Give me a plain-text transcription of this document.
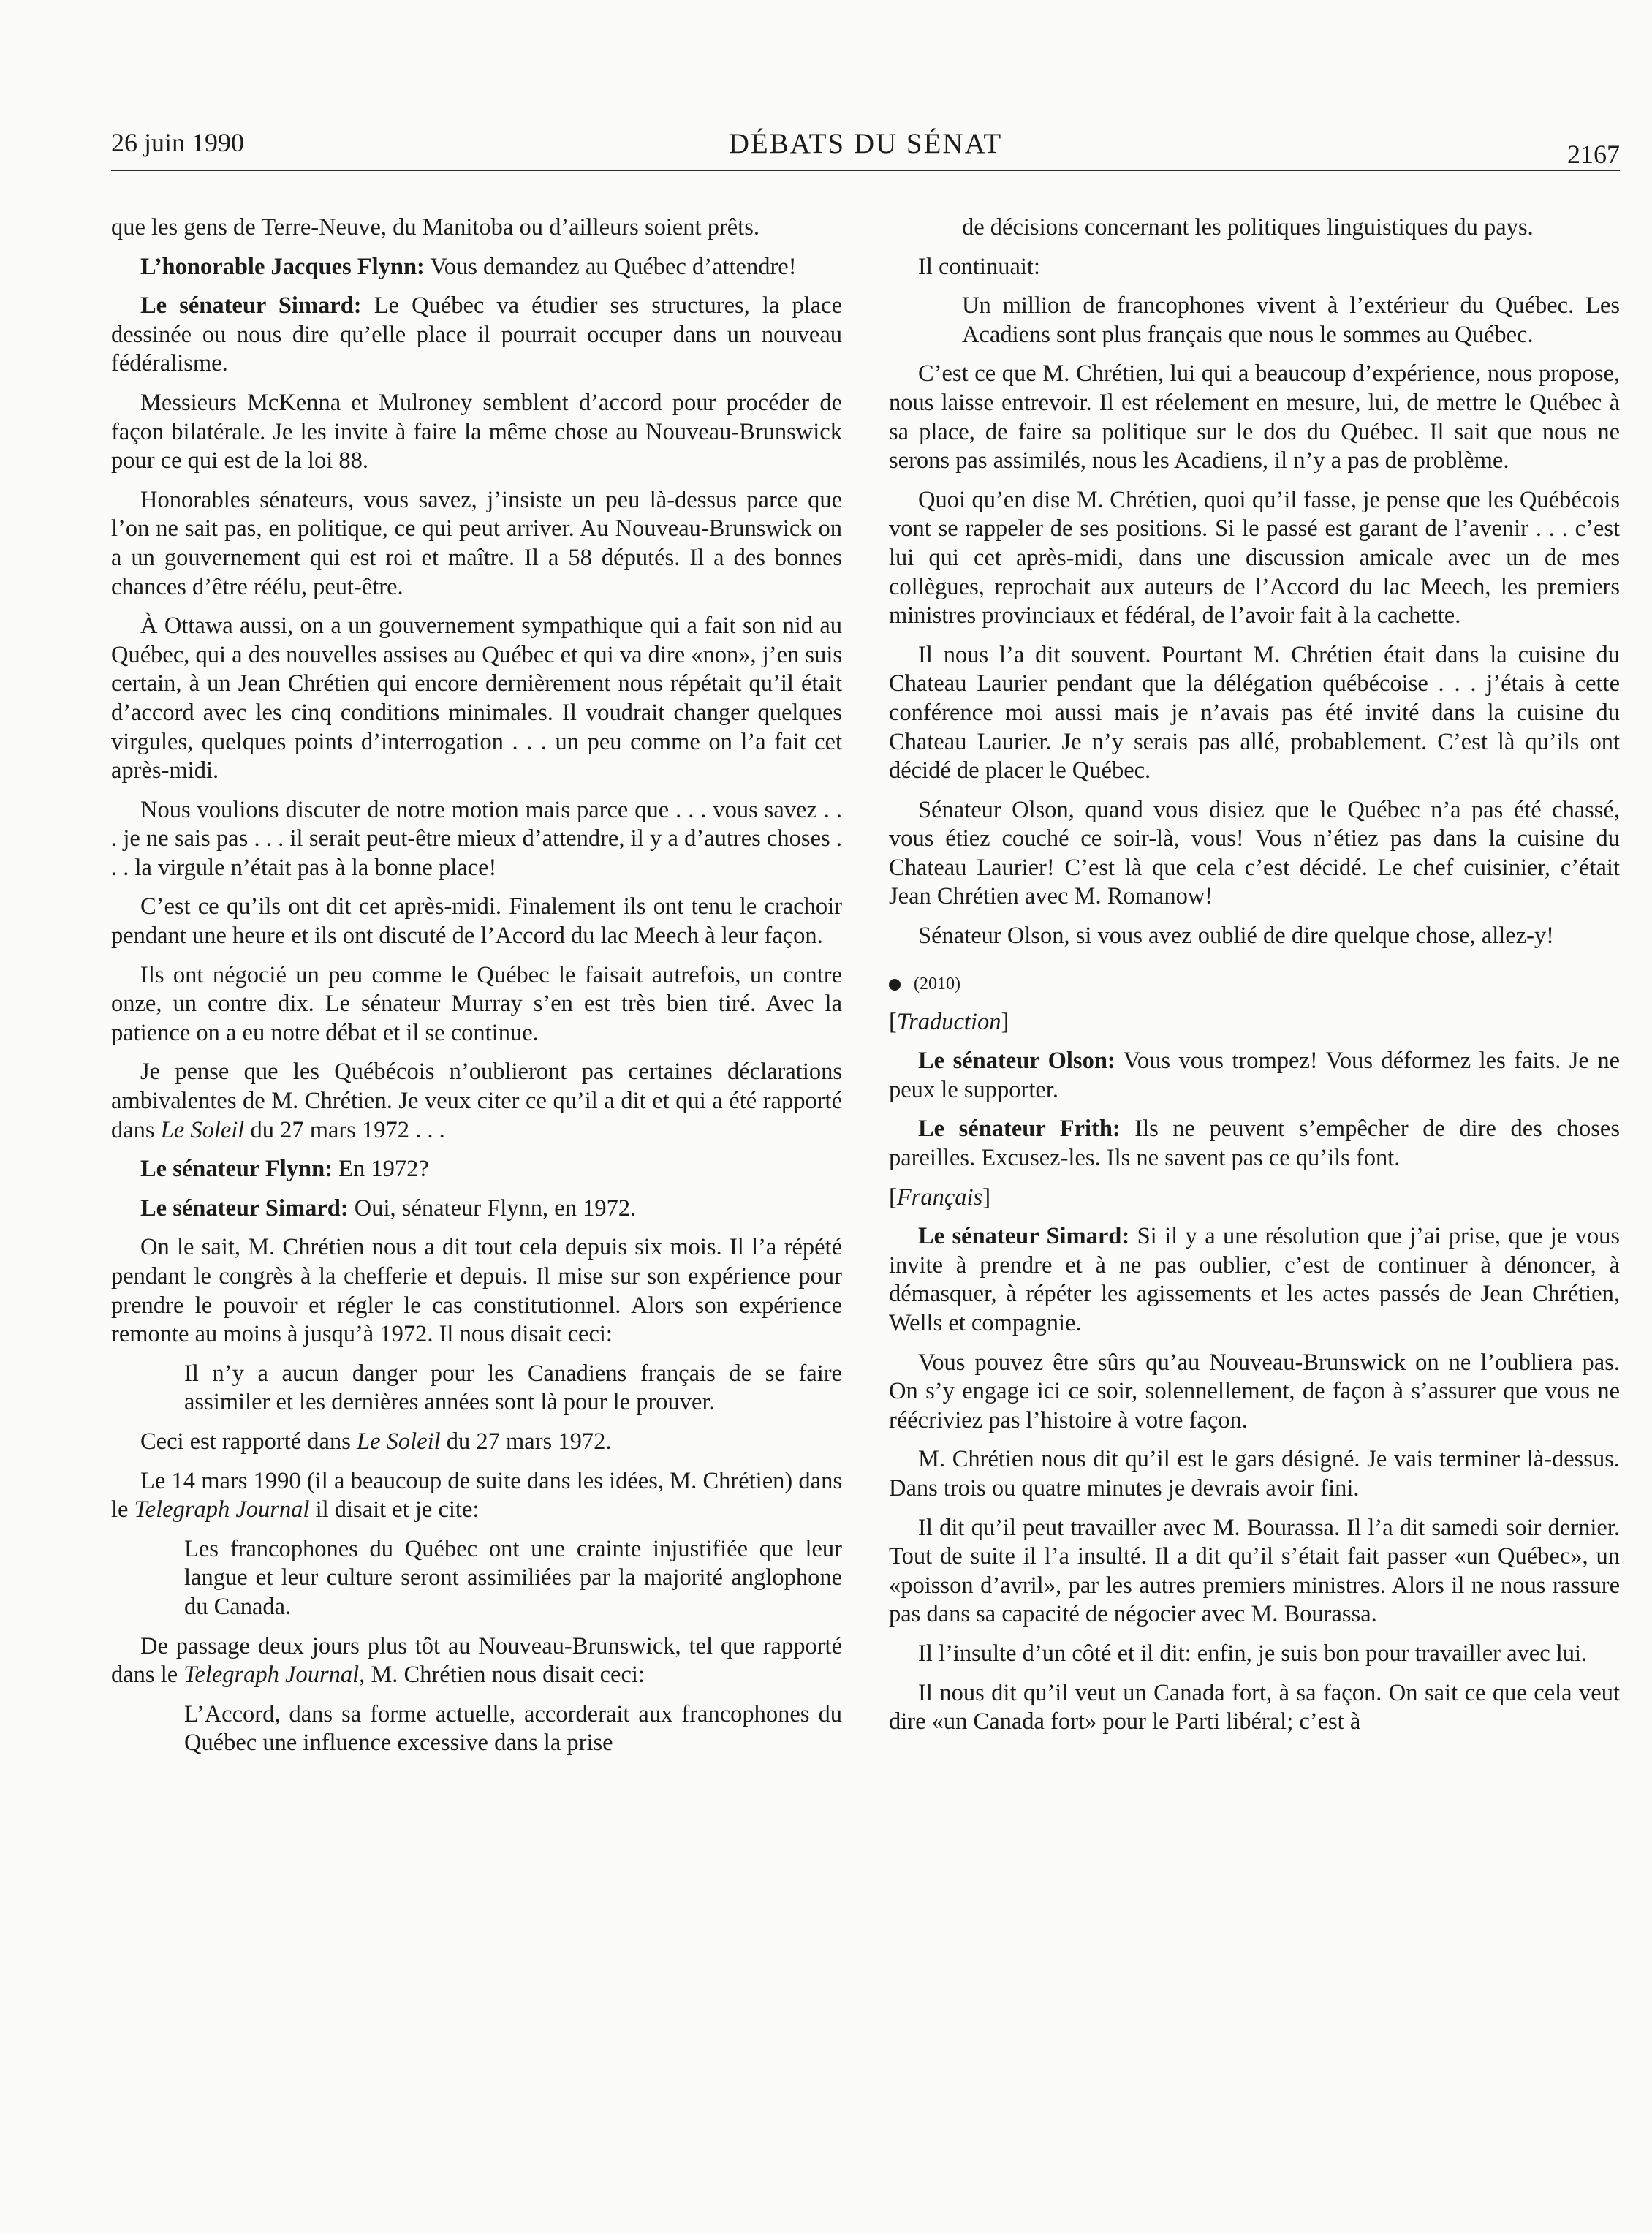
26 juin 1990	DÉBATS DU SÉNAT	2167

que les gens de Terre-Neuve, du Manitoba ou d’ailleurs soient prêts.

L’honorable Jacques Flynn: Vous demandez au Québec d’attendre!

Le sénateur Simard: Le Québec va étudier ses structures, la place dessinée ou nous dire qu’elle place il pourrait occuper dans un nouveau fédéralisme.

Messieurs McKenna et Mulroney semblent d’accord pour procéder de façon bilatérale. Je les invite à faire la même chose au Nouveau-Brunswick pour ce qui est de la loi 88.

Honorables sénateurs, vous savez, j’insiste un peu là-dessus parce que l’on ne sait pas, en politique, ce qui peut arriver. Au Nouveau-Brunswick on a un gouvernement qui est roi et maître. Il a 58 députés. Il a des bonnes chances d’être réélu, peut-être.

À Ottawa aussi, on a un gouvernement sympathique qui a fait son nid au Québec, qui a des nouvelles assises au Québec et qui va dire «non», j’en suis certain, à un Jean Chrétien qui encore dernièrement nous répétait qu’il était d’accord avec les cinq conditions minimales. Il voudrait changer quelques virgules, quelques points d’interrogation . . . un peu comme on l’a fait cet après-midi.

Nous voulions discuter de notre motion mais parce que . . . vous savez . . . je ne sais pas . . . il serait peut-être mieux d’attendre, il y a d’autres choses . . . la virgule n’était pas à la bonne place!

C’est ce qu’ils ont dit cet après-midi. Finalement ils ont tenu le crachoir pendant une heure et ils ont discuté de l’Accord du lac Meech à leur façon.

Ils ont négocié un peu comme le Québec le faisait autrefois, un contre onze, un contre dix. Le sénateur Murray s’en est très bien tiré. Avec la patience on a eu notre débat et il se continue.

Je pense que les Québécois n’oublieront pas certaines déclarations ambivalentes de M. Chrétien. Je veux citer ce qu’il a dit et qui a été rapporté dans Le Soleil du 27 mars 1972 . . .

Le sénateur Flynn: En 1972?

Le sénateur Simard: Oui, sénateur Flynn, en 1972.

On le sait, M. Chrétien nous a dit tout cela depuis six mois. Il l’a répété pendant le congrès à la chefferie et depuis. Il mise sur son expérience pour prendre le pouvoir et régler le cas constitutionnel. Alors son expérience remonte au moins à jusqu’à 1972. Il nous disait ceci:

Il n’y a aucun danger pour les Canadiens français de se faire assimiler et les dernières années sont là pour le prouver.

Ceci est rapporté dans Le Soleil du 27 mars 1972.

Le 14 mars 1990 (il a beaucoup de suite dans les idées, M. Chrétien) dans le Telegraph Journal il disait et je cite:

Les francophones du Québec ont une crainte injustifiée que leur langue et leur culture seront assimiliées par la majorité anglophone du Canada.

De passage deux jours plus tôt au Nouveau-Brunswick, tel que rapporté dans le Telegraph Journal, M. Chrétien nous disait ceci:

L’Accord, dans sa forme actuelle, accorderait aux francophones du Québec une influence excessive dans la prise

de décisions concernant les politiques linguistiques du pays.

Il continuait:

Un million de francophones vivent à l’extérieur du Québec. Les Acadiens sont plus français que nous le sommes au Québec.

C’est ce que M. Chrétien, lui qui a beaucoup d’expérience, nous propose, nous laisse entrevoir. Il est réelement en mesure, lui, de mettre le Québec à sa place, de faire sa politique sur le dos du Québec. Il sait que nous ne serons pas assimilés, nous les Acadiens, il n’y a pas de problème.

Quoi qu’en dise M. Chrétien, quoi qu’il fasse, je pense que les Québécois vont se rappeler de ses positions. Si le passé est garant de l’avenir . . . c’est lui qui cet après-midi, dans une discussion amicale avec un de mes collègues, reprochait aux auteurs de l’Accord du lac Meech, les premiers ministres provinciaux et fédéral, de l’avoir fait à la cachette.

Il nous l’a dit souvent. Pourtant M. Chrétien était dans la cuisine du Chateau Laurier pendant que la délégation québécoise . . . j’étais à cette conférence moi aussi mais je n’avais pas été invité dans la cuisine du Chateau Laurier. Je n’y serais pas allé, probablement. C’est là qu’ils ont décidé de placer le Québec.

Sénateur Olson, quand vous disiez que le Québec n’a pas été chassé, vous étiez couché ce soir-là, vous! Vous n’étiez pas dans la cuisine du Chateau Laurier! C’est là que cela c’est décidé. Le chef cuisinier, c’était Jean Chrétien avec M. Romanow!

Sénateur Olson, si vous avez oublié de dire quelque chose, allez-y!

(2010)

[Traduction]

Le sénateur Olson: Vous vous trompez! Vous déformez les faits. Je ne peux le supporter.

Le sénateur Frith: Ils ne peuvent s’empêcher de dire des choses pareilles. Excusez-les. Ils ne savent pas ce qu’ils font.

[Français]

Le sénateur Simard: Si il y a une résolution que j’ai prise, que je vous invite à prendre et à ne pas oublier, c’est de continuer à dénoncer, à démasquer, à répéter les agissements et les actes passés de Jean Chrétien, Wells et compagnie.

Vous pouvez être sûrs qu’au Nouveau-Brunswick on ne l’oubliera pas. On s’y engage ici ce soir, solennellement, de façon à s’assurer que vous ne réécriviez pas l’histoire à votre façon.

M. Chrétien nous dit qu’il est le gars désigné. Je vais terminer là-dessus. Dans trois ou quatre minutes je devrais avoir fini.

Il dit qu’il peut travailler avec M. Bourassa. Il l’a dit samedi soir dernier. Tout de suite il l’a insulté. Il a dit qu’il s’était fait passer «un Québec», un «poisson d’avril», par les autres premiers ministres. Alors il ne nous rassure pas dans sa capacité de négocier avec M. Bourassa.

Il l’insulte d’un côté et il dit: enfin, je suis bon pour travailler avec lui.

Il nous dit qu’il veut un Canada fort, à sa façon. On sait ce que cela veut dire «un Canada fort» pour le Parti libéral; c’est à
